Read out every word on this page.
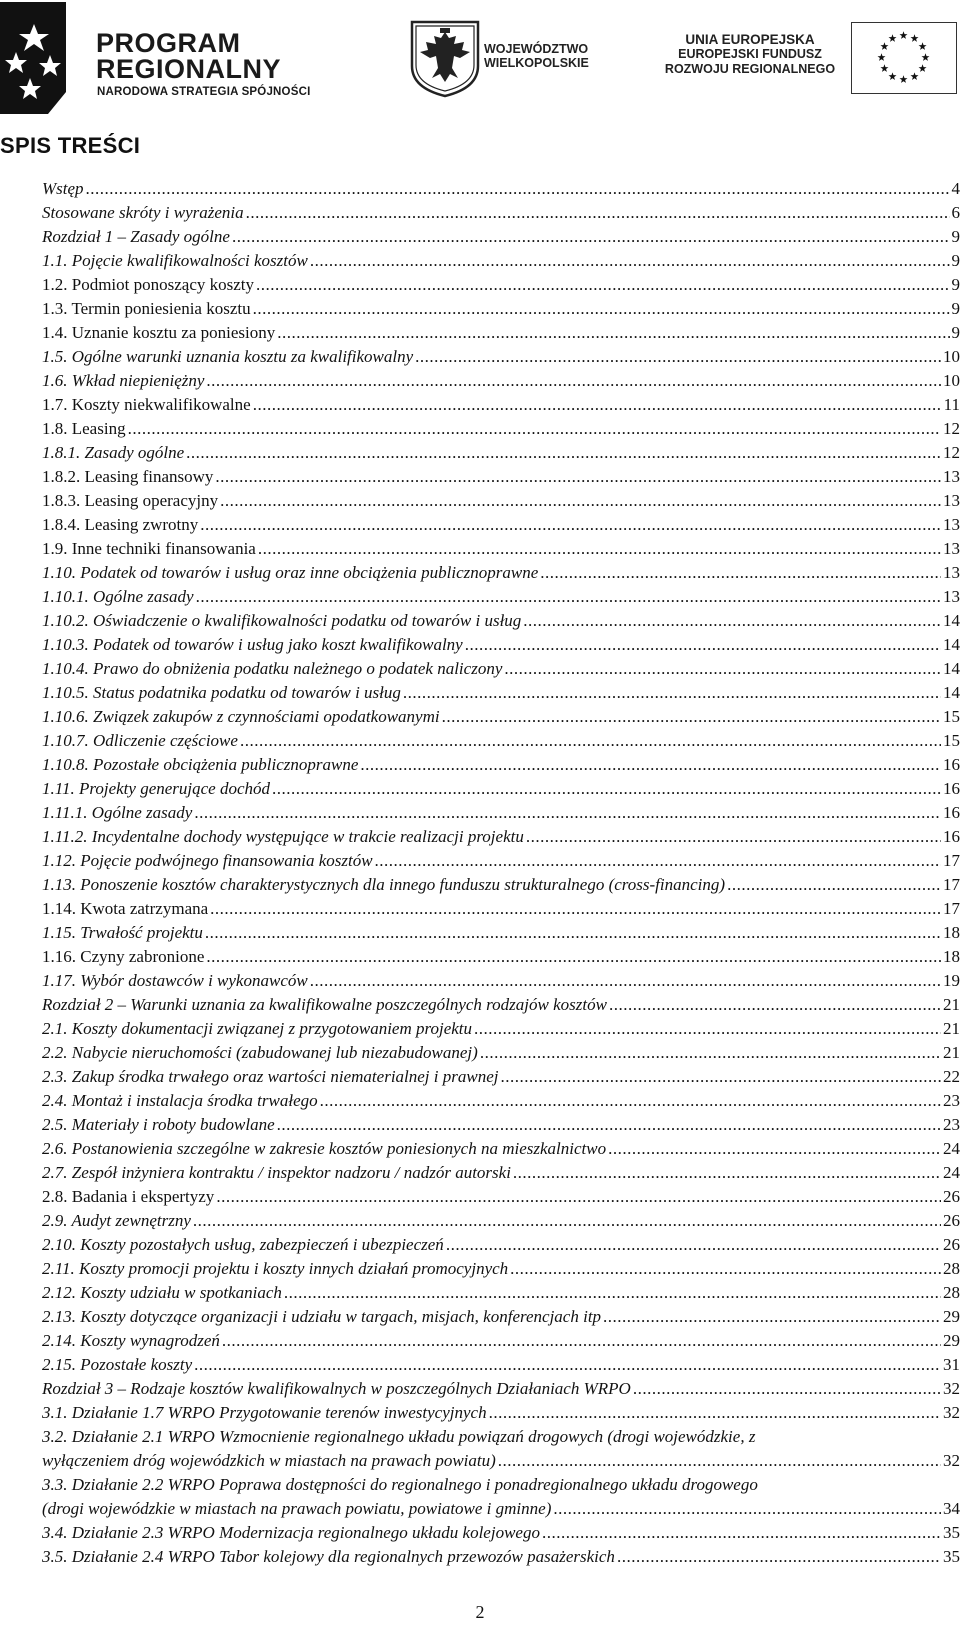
PROGRAM
REGIONALNY
NARODOWA STRATEGIA SPÓJNOŚCI
WOJEWÓDZTWO
WIELKOPOLSKIE
UNIA EUROPEJSKA
EUROPEJSKI FUNDUSZ
ROZWOJU REGIONALNEGO
SPIS TREŚCI
Wstęp .....	4
Stosowane skróty i wyrażenia .....	6
Rozdział 1 – Zasady ogólne .....	9
1.1. Pojęcie kwalifikowalności kosztów .....	9
1.2. Podmiot ponoszący koszty .....	9
1.3. Termin poniesienia kosztu .....	9
1.4. Uznanie kosztu za poniesiony .....	9
1.5. Ogólne warunki uznania kosztu za kwalifikowalny .....	10
1.6. Wkład niepieniężny .....	10
1.7. Koszty niekwalifikowalne .....	11
1.8. Leasing .....	12
1.8.1. Zasady ogólne .....	12
1.8.2. Leasing finansowy .....	13
1.8.3. Leasing operacyjny .....	13
1.8.4. Leasing zwrotny .....	13
1.9. Inne techniki finansowania .....	13
1.10. Podatek od towarów i usług oraz inne obciążenia publicznoprawne .....	13
1.10.1. Ogólne zasady .....	13
1.10.2. Oświadczenie o kwalifikowalności podatku od towarów i usług .....	14
1.10.3. Podatek od towarów i usług jako koszt kwalifikowalny .....	14
1.10.4. Prawo do obniżenia podatku należnego o podatek naliczony .....	14
1.10.5. Status podatnika podatku od towarów i usług .....	14
1.10.6. Związek zakupów z czynnościami opodatkowanymi .....	15
1.10.7. Odliczenie częściowe .....	15
1.10.8. Pozostałe obciążenia publicznoprawne .....	16
1.11. Projekty generujące dochód .....	16
1.11.1. Ogólne zasady .....	16
1.11.2. Incydentalne dochody występujące w trakcie realizacji projektu .....	16
1.12. Pojęcie podwójnego finansowania kosztów .....	17
1.13. Ponoszenie kosztów charakterystycznych dla innego funduszu strukturalnego (cross-financing) .....	17
1.14. Kwota zatrzymana .....	17
1.15. Trwałość projektu .....	18
1.16. Czyny zabronione .....	18
1.17. Wybór dostawców i wykonawców .....	19
Rozdział 2 – Warunki uznania za kwalifikowalne poszczególnych rodzajów kosztów .....	21
2.1. Koszty dokumentacji związanej z przygotowaniem projektu .....	21
2.2. Nabycie nieruchomości (zabudowanej lub niezabudowanej) .....	21
2.3. Zakup środka trwałego oraz wartości niematerialnej i prawnej .....	22
2.4. Montaż i instalacja środka trwałego .....	23
2.5. Materiały i roboty budowlane .....	23
2.6. Postanowienia szczególne w zakresie kosztów poniesionych na mieszkalnictwo .....	24
2.7. Zespół inżyniera kontraktu / inspektor nadzoru / nadzór autorski .....	24
2.8. Badania i ekspertyzy .....	26
2.9. Audyt zewnętrzny .....	26
2.10. Koszty pozostałych usług, zabezpieczeń i ubezpieczeń .....	26
2.11. Koszty promocji projektu i koszty innych działań promocyjnych .....	28
2.12. Koszty udziału w spotkaniach .....	28
2.13. Koszty dotyczące organizacji i udziału w targach, misjach, konferencjach itp .....	29
2.14. Koszty wynagrodzeń .....	29
2.15. Pozostałe koszty .....	31
Rozdział 3 – Rodzaje kosztów kwalifikowalnych w poszczególnych Działaniach WRPO .....	32
3.1. Działanie 1.7 WRPO Przygotowanie terenów inwestycyjnych .....	32
3.2. Działanie 2.1 WRPO Wzmocnienie regionalnego układu powiązań drogowych (drogi wojewódzkie, z
wyłączeniem dróg wojewódzkich w miastach na prawach powiatu) .....	32
3.3. Działanie 2.2 WRPO Poprawa dostępności do regionalnego i ponadregionalnego układu drogowego
(drogi wojewódzkie w miastach na prawach powiatu, powiatowe i gminne) .....	34
3.4. Działanie 2.3 WRPO Modernizacja regionalnego układu kolejowego .....	35
3.5. Działanie 2.4 WRPO Tabor kolejowy dla regionalnych przewozów pasażerskich .....	35
2
